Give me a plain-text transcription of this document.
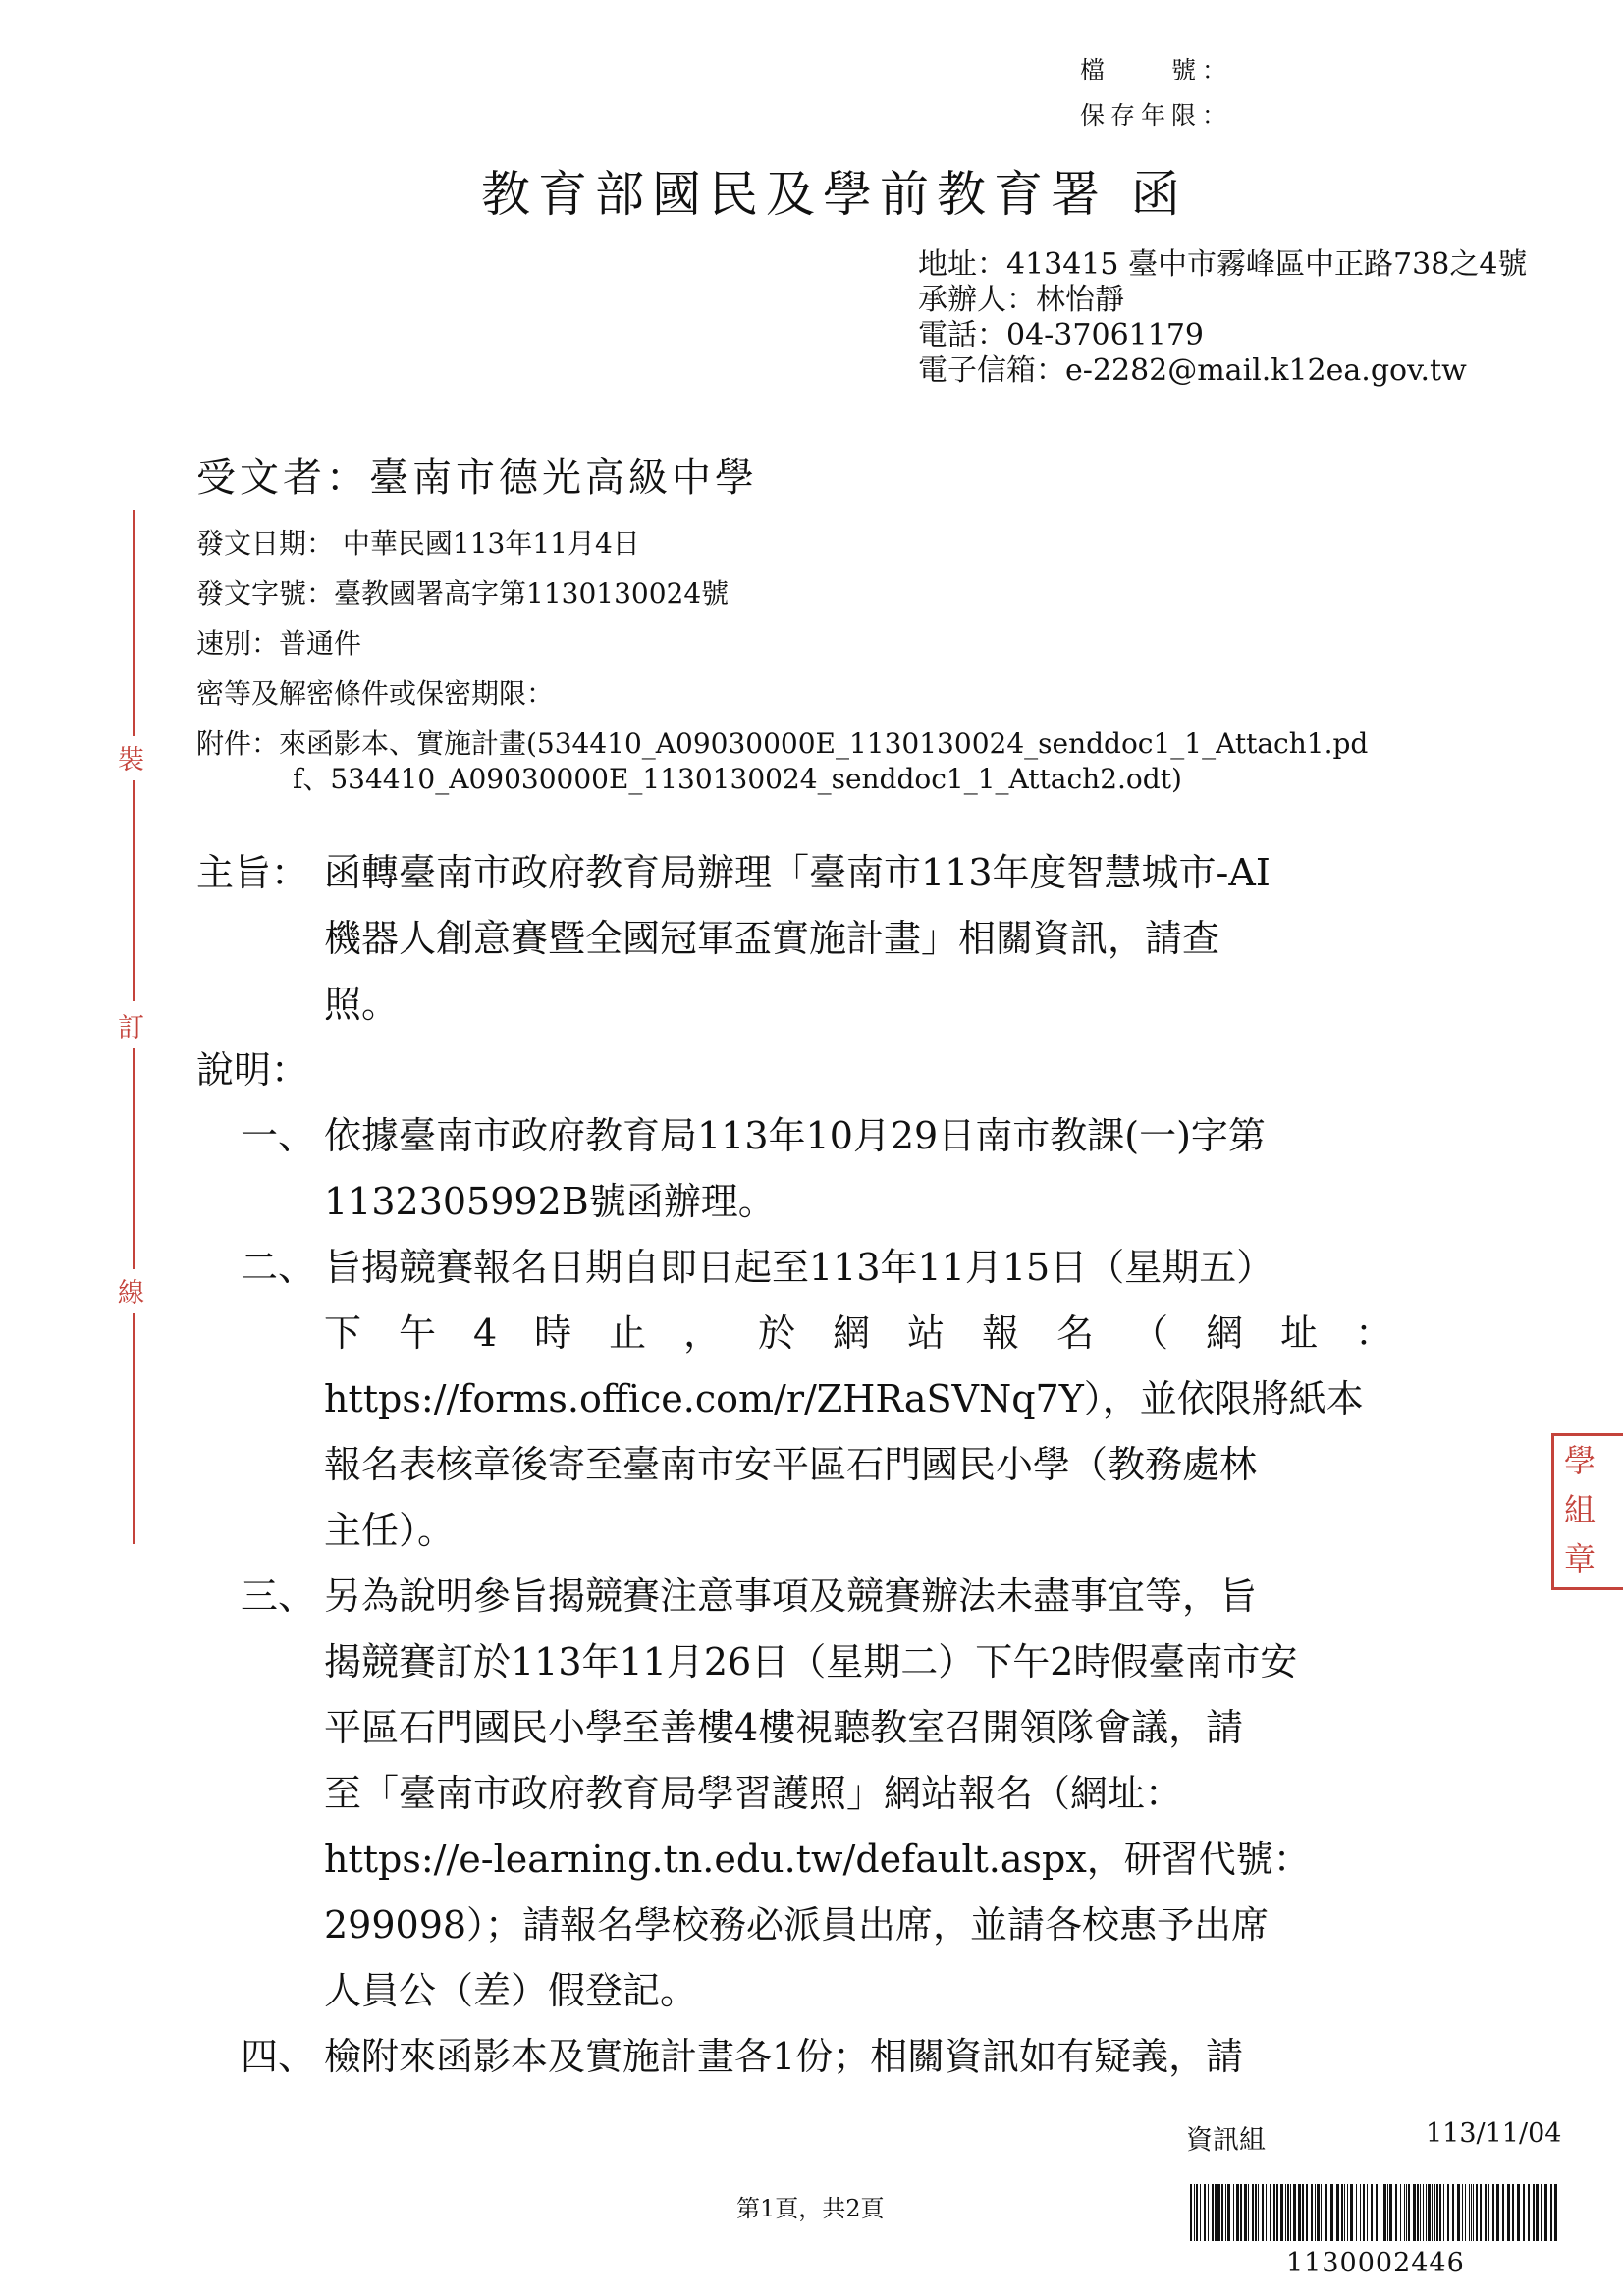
檔　　號：
保存年限：
教育部國民及學前教育署 函
地址：413415 臺中市霧峰區中正路738之4號
承辦人：林怡靜
電話：04-37061179
電子信箱：e-2282@mail.k12ea.gov.tw
受文者：臺南市德光高級中學
發文日期： 中華民國113年11月4日
發文字號：臺教國署高字第1130130024號
速別：普通件
密等及解密條件或保密期限：
附件：來函影本、實施計畫(534410_A09030000E_1130130024_senddoc1_1_Attach1.pd
f、534410_A09030000E_1130130024_senddoc1_1_Attach2.odt)
裝
訂
線
主旨： 函轉臺南市政府教育局辦理「臺南市113年度智慧城市-AI
機器人創意賽暨全國冠軍盃實施計畫」相關資訊，請查
照。
說明：
一、 依據臺南市政府教育局113年10月29日南市教課(一)字第
1132305992B號函辦理。
二、 旨揭競賽報名日期自即日起至113年11月15日（星期五）
下午4時止，於網站報名（網址：
https://forms.office.com/r/ZHRaSVNq7Y），並依限將紙本
報名表核章後寄至臺南市安平區石門國民小學（教務處林
主任）。
三、 另為說明參旨揭競賽注意事項及競賽辦法未盡事宜等，旨
揭競賽訂於113年11月26日（星期二）下午2時假臺南市安
平區石門國民小學至善樓4樓視聽教室召開領隊會議，請
至「臺南市政府教育局學習護照」網站報名（網址：
https://e-learning.tn.edu.tw/default.aspx，研習代號：
299098）；請報名學校務必派員出席，並請各校惠予出席
人員公（差）假登記。
四、 檢附來函影本及實施計畫各1份；相關資訊如有疑義，請
學
組
章
資訊組	113/11/04
1130002446
第1頁，共2頁
